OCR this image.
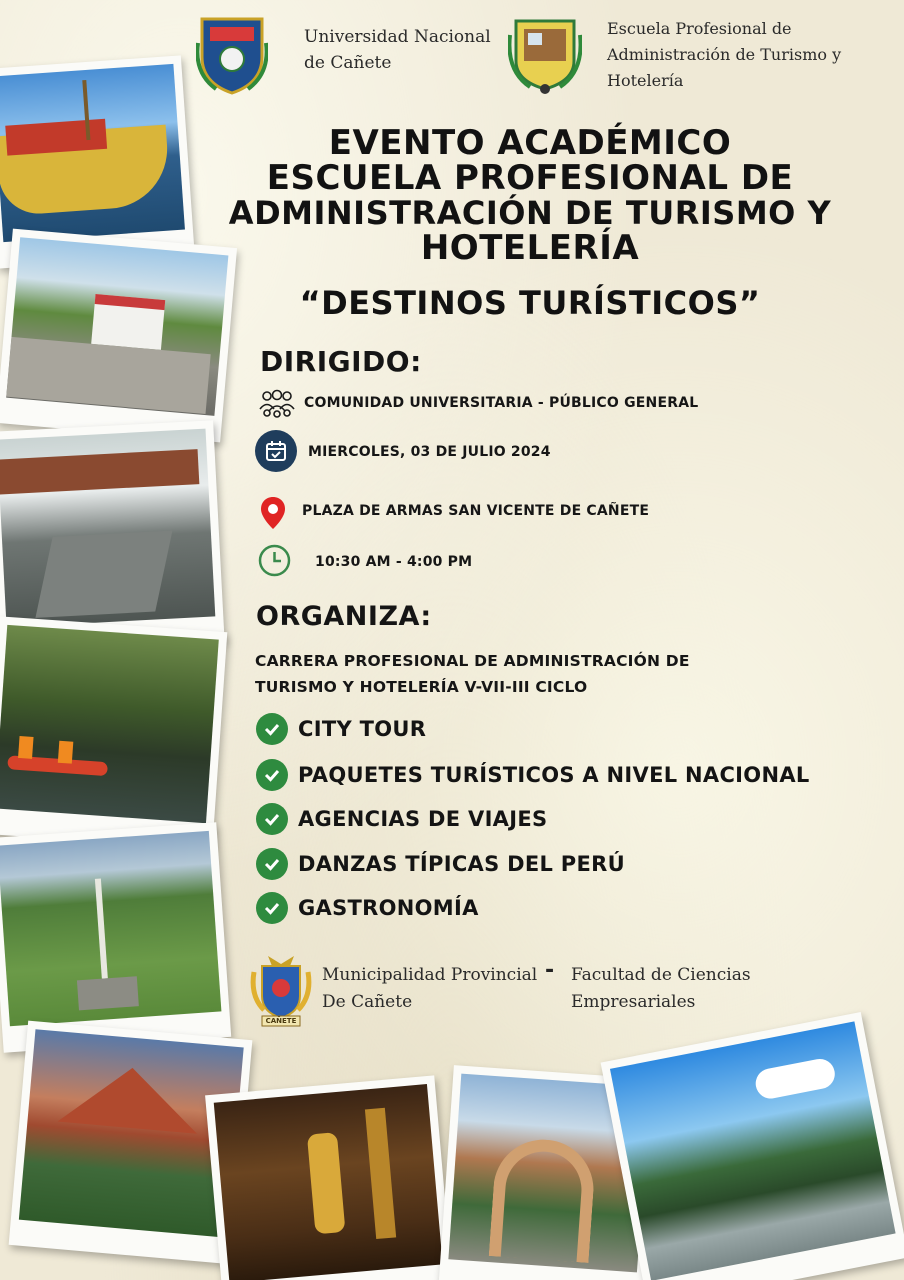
Universidad Nacional
de Cañete
Escuela Profesional de
Administración de Turismo y
Hotelería
EVENTO ACADÉMICO
ESCUELA PROFESIONAL DE
ADMINISTRACIÓN DE TURISMO Y
HOTELERÍA
“DESTINOS TURÍSTICOS”
DIRIGIDO:
COMUNIDAD UNIVERSITARIA - PÚBLICO GENERAL
MIERCOLES, 03 DE JULIO 2024
PLAZA DE ARMAS SAN VICENTE DE CAÑETE
10:30 AM - 4:00 PM
ORGANIZA:
CARRERA PROFESIONAL DE ADMINISTRACIÓN DE
TURISMO Y HOTELERÍA V-VII-III CICLO
CITY TOUR
PAQUETES TURÍSTICOS A NIVEL NACIONAL
AGENCIAS DE VIAJES
DANZAS TÍPICAS DEL PERÚ
GASTRONOMÍA
CAÑETE
Municipalidad Provincial
De Cañete
- Facultad de Ciencias
Empresariales
